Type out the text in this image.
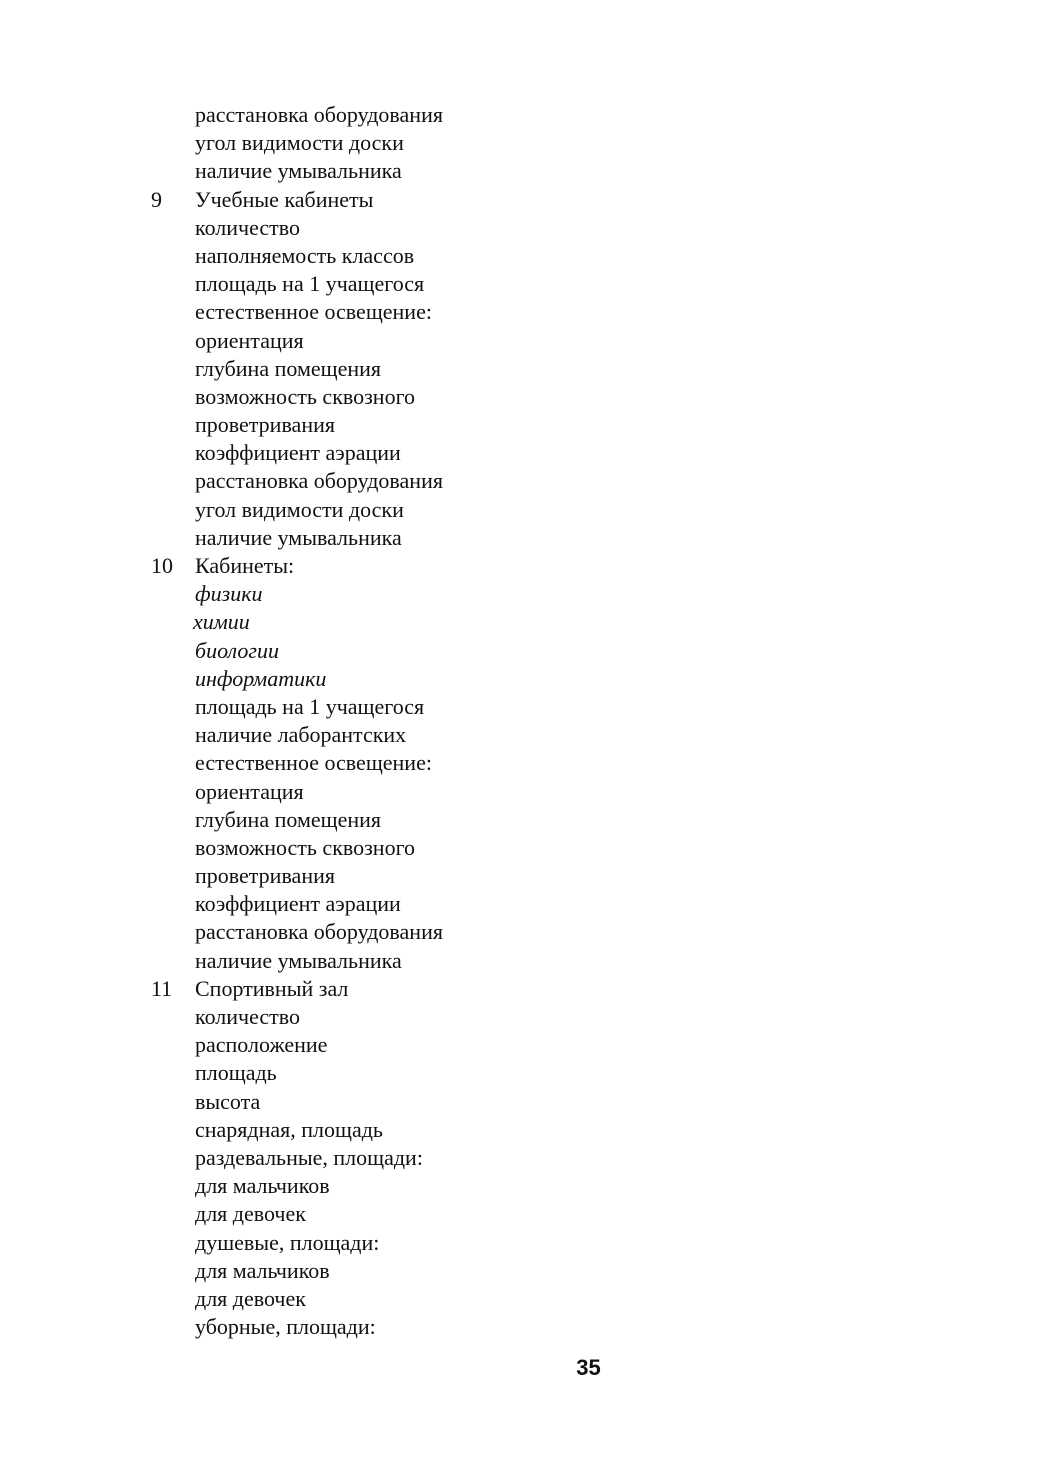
расстановка оборудования
угол видимости доски
наличие умывальника
9 Учебные кабинеты
количество
наполняемость классов
площадь на 1 учащегося
естественное освещение:
ориентация
глубина помещения
возможность сквозного
проветривания
коэффициент аэрации
расстановка оборудования
угол видимости доски
наличие умывальника
10 Кабинеты:
физики
химии
биологии
информатики
площадь на 1 учащегося
наличие лаборантских
естественное освещение:
ориентация
глубина помещения
возможность сквозного
проветривания
коэффициент аэрации
расстановка оборудования
наличие умывальника
11 Спортивный зал
количество
расположение
площадь
высота
снарядная, площадь
раздевальные, площади:
для мальчиков
для девочек
душевые, площади:
для мальчиков
для девочек
уборные, площади:
35
